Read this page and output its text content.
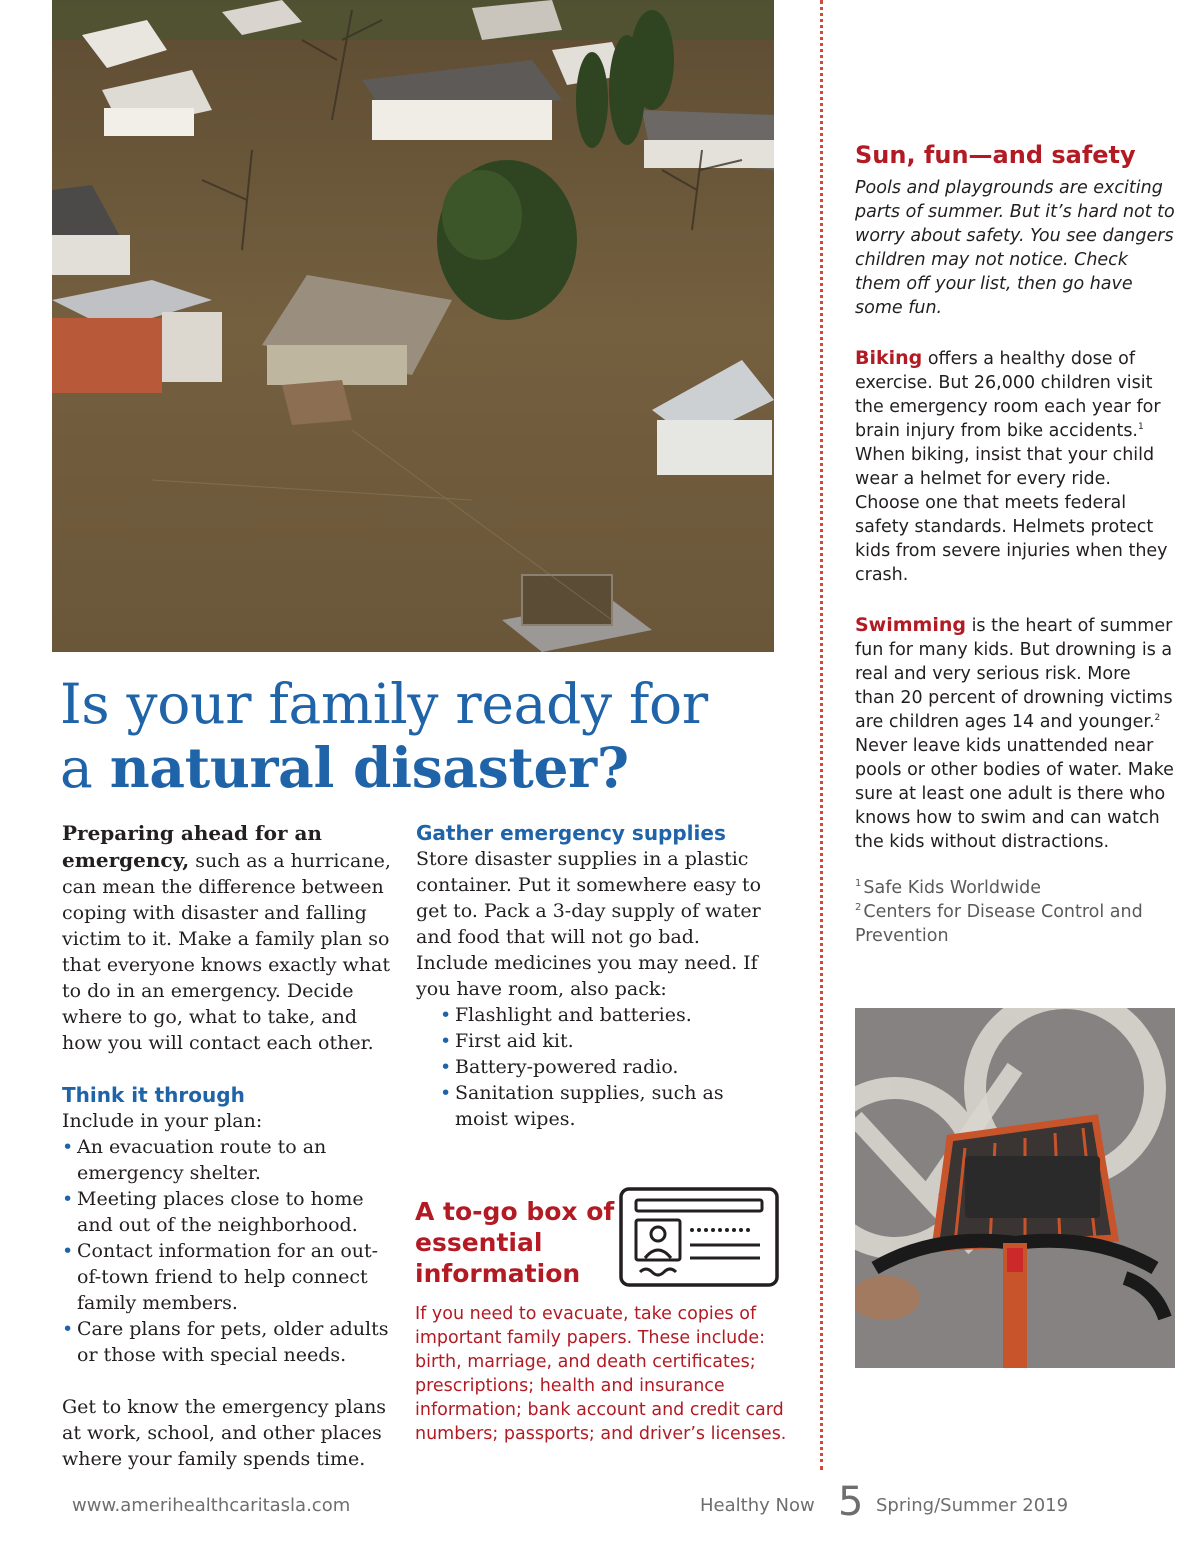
Is your family ready for
a natural disaster?

Preparing ahead for an emergency, such as a hurricane, can mean the difference between coping with disaster and falling victim to it. Make a family plan so that everyone knows exactly what to do in an emergency. Decide where to go, what to take, and how you will contact each other.

Think it through

Include in your plan:

• An evacuation route to an emergency shelter.
• Meeting places close to home and out of the neighborhood.
• Contact information for an out-of-town friend to help connect family members.
• Care plans for pets, older adults or those with special needs.

Get to know the emergency plans at work, school, and other places where your family spends time.

Gather emergency supplies

Store disaster supplies in a plastic container. Put it somewhere easy to get to. Pack a 3-day supply of water and food that will not go bad. Include medicines you may need. If you have room, also pack:

• Flashlight and batteries.
• First aid kit.
• Battery-powered radio.
• Sanitation supplies, such as moist wipes.
A to-go box of essential information

If you need to evacuate, take copies of important family papers. These include: birth, marriage, and death certificates; prescriptions; health and insurance information; bank account and credit card numbers; passports; and driver’s licenses.

Sun, fun—and safety

Pools and playgrounds are exciting parts of summer. But it’s hard not to worry about safety. You see dangers children may not notice. Check them off your list, then go have some fun.

Biking offers a healthy dose of exercise. But 26,000 children visit the emergency room each year for brain injury from bike accidents.$^1$ When biking, insist that your child wear a helmet for every ride. Choose one that meets federal safety standards. Helmets protect kids from severe injuries when they crash.

Swimming is the heart of summer fun for many kids. But drowning is a real and very serious risk. More than 20 percent of drowning victims are children ages 14 and younger.$^2$ Never leave kids unattended near pools or other bodies of water. Make sure at least one adult is there who knows how to swim and can watch the kids without distractions.

$^1$ Safe Kids Worldwide

$^2$ Centers for Disease Control and Prevention

www.amerihealthcaritasla.com	Healthy Now 5 Spring/Summer 2019
